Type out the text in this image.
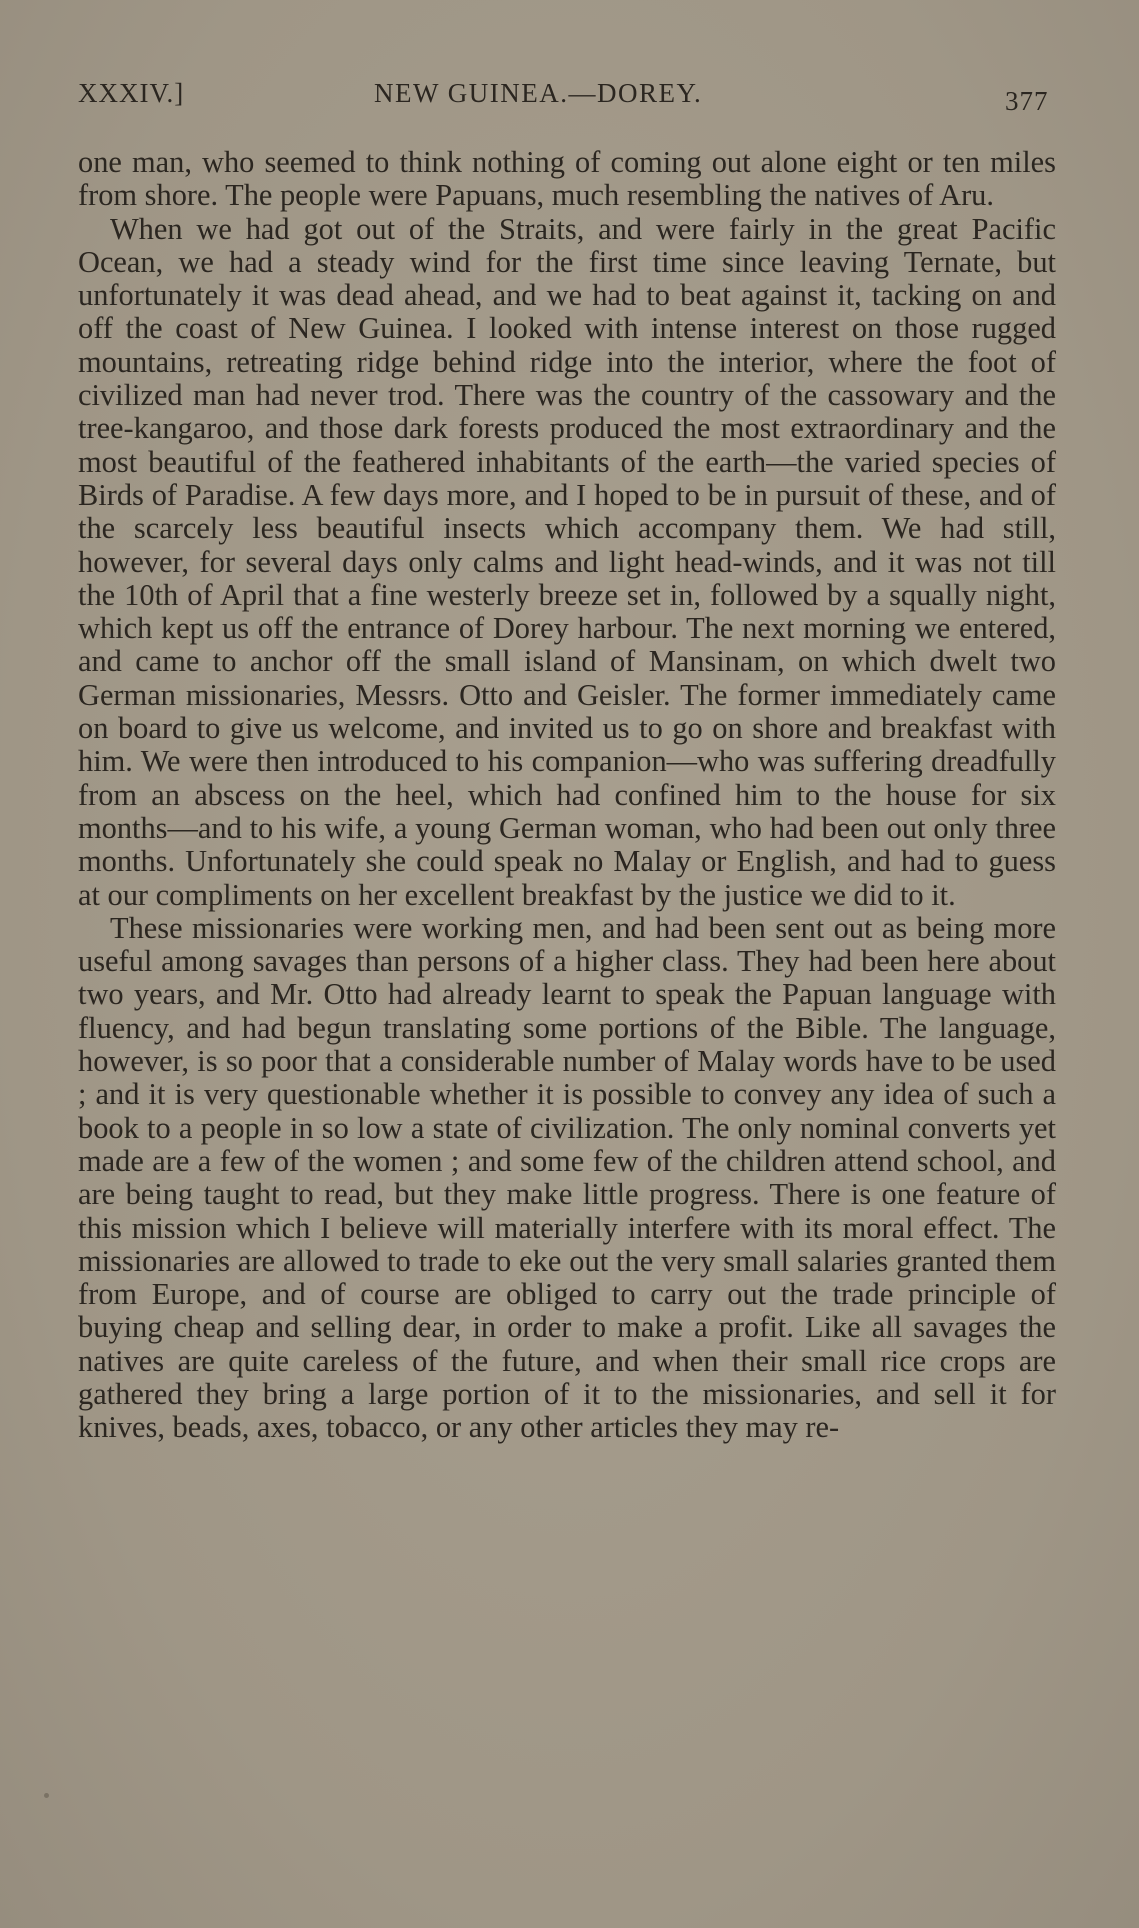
XXXIV.]	NEW GUINEA.—DOREY.	377

one man, who seemed to think nothing of coming out alone eight or ten miles from shore. The people were Papuans, much resembling the natives of Aru.

When we had got out of the Straits, and were fairly in the great Pacific Ocean, we had a steady wind for the first time since leaving Ternate, but unfortunately it was dead ahead, and we had to beat against it, tacking on and off the coast of New Guinea. I looked with intense interest on those rugged mountains, retreating ridge behind ridge into the interior, where the foot of civilized man had never trod. There was the country of the cassowary and the tree-kangaroo, and those dark forests produced the most extraordinary and the most beautiful of the feathered inhabitants of the earth—the varied species of Birds of Paradise. A few days more, and I hoped to be in pursuit of these, and of the scarcely less beautiful insects which accompany them. We had still, however, for several days only calms and light head-winds, and it was not till the 10th of April that a fine westerly breeze set in, followed by a squally night, which kept us off the entrance of Dorey harbour. The next morning we entered, and came to anchor off the small island of Mansinam, on which dwelt two German missionaries, Messrs. Otto and Geisler. The former immediately came on board to give us welcome, and invited us to go on shore and breakfast with him. We were then introduced to his companion—who was suffering dreadfully from an abscess on the heel, which had confined him to the house for six months—and to his wife, a young German woman, who had been out only three months. Unfortunately she could speak no Malay or English, and had to guess at our compliments on her excellent breakfast by the justice we did to it.

These missionaries were working men, and had been sent out as being more useful among savages than persons of a higher class. They had been here about two years, and Mr. Otto had already learnt to speak the Papuan language with fluency, and had begun translating some portions of the Bible. The language, however, is so poor that a considerable number of Malay words have to be used ; and it is very questionable whether it is possible to convey any idea of such a book to a people in so low a state of civilization. The only nominal converts yet made are a few of the women ; and some few of the children attend school, and are being taught to read, but they make little progress. There is one feature of this mission which I believe will materially interfere with its moral effect. The missionaries are allowed to trade to eke out the very small salaries granted them from Europe, and of course are obliged to carry out the trade principle of buying cheap and selling dear, in order to make a profit. Like all savages the natives are quite careless of the future, and when their small rice crops are gathered they bring a large portion of it to the missionaries, and sell it for knives, beads, axes, tobacco, or any other articles they may re-
